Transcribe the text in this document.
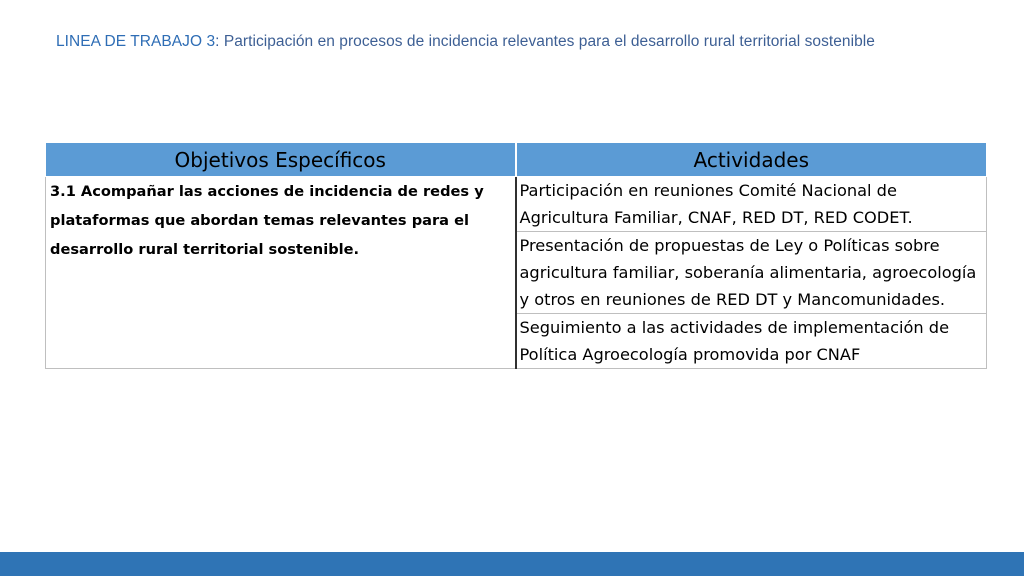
LINEA DE TRABAJO 3: Participación en procesos de incidencia relevantes para el desarrollo rural territorial sostenible
Objetivos Específicos	Actividades
3.1 Acompañar las acciones de incidencia de redes y plataformas que abordan temas relevantes para el desarrollo rural territorial sostenible.	Participación en reuniones Comité Nacional de Agricultura Familiar, CNAF, RED DT, RED CODET.
	Presentación de propuestas de Ley o Políticas sobre agricultura familiar, soberanía alimentaria, agroecología y otros en reuniones de RED DT y Mancomunidades.
	Seguimiento a las actividades de implementación de Política Agroecología promovida por CNAF
